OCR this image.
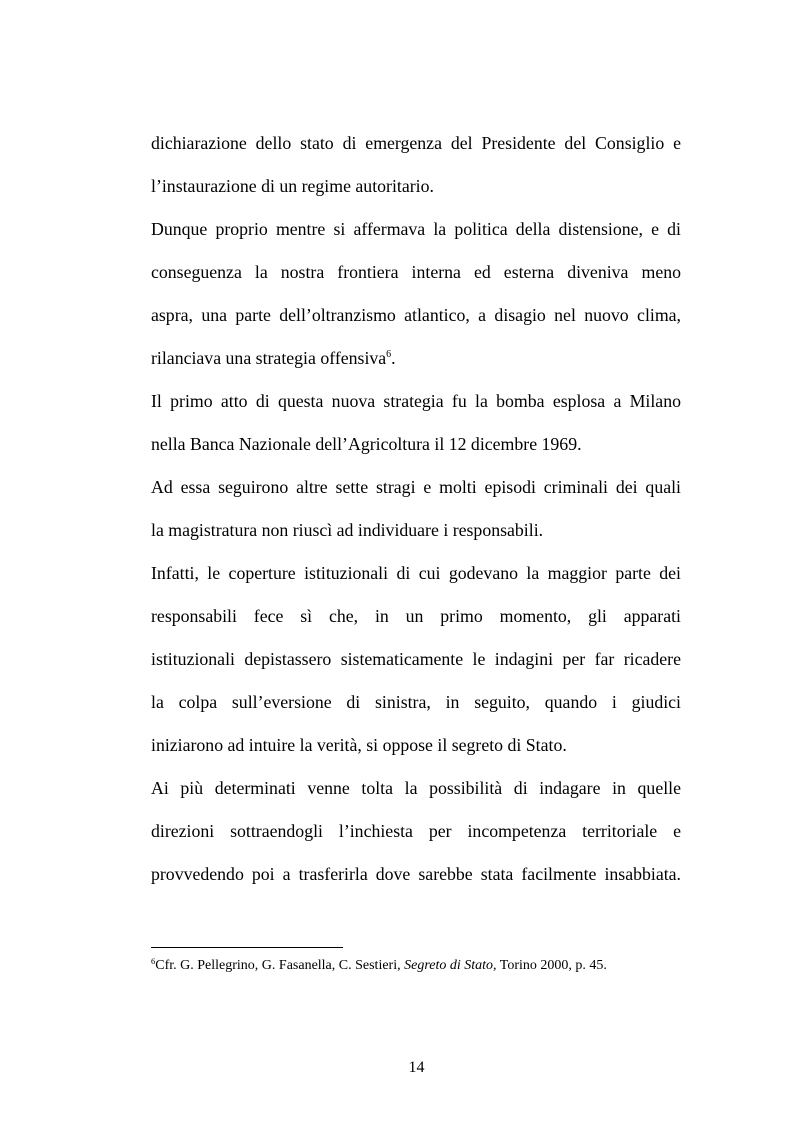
dichiarazione dello stato di emergenza del Presidente del Consiglio e
l’instaurazione di un regime autoritario.
Dunque proprio mentre si affermava la politica della distensione, e di
conseguenza la nostra frontiera interna ed esterna diveniva meno
aspra, una parte dell’oltranzismo atlantico, a disagio nel nuovo clima,
rilanciava una strategia offensiva$^6$.
Il primo atto di questa nuova strategia fu la bomba esplosa a Milano
nella Banca Nazionale dell’Agricoltura il 12 dicembre 1969.
Ad essa seguirono altre sette stragi e molti episodi criminali dei quali
la magistratura non riuscì ad individuare i responsabili.
Infatti, le coperture istituzionali di cui godevano la maggior parte dei
responsabili fece sì che, in un primo momento, gli apparati
istituzionali depistassero sistematicamente le indagini per far ricadere
la colpa sull’eversione di sinistra, in seguito, quando i giudici
iniziarono ad intuire la verità, si oppose il segreto di Stato.
Ai più determinati venne tolta la possibilità di indagare in quelle
direzioni sottraendogli l’inchiesta per incompetenza territoriale e
provvedendo poi a trasferirla dove sarebbe stata facilmente insabbiata.
$^6$Cfr. G. Pellegrino, G. Fasanella, C. Sestieri, Segreto di Stato, Torino 2000, p. 45.
14
